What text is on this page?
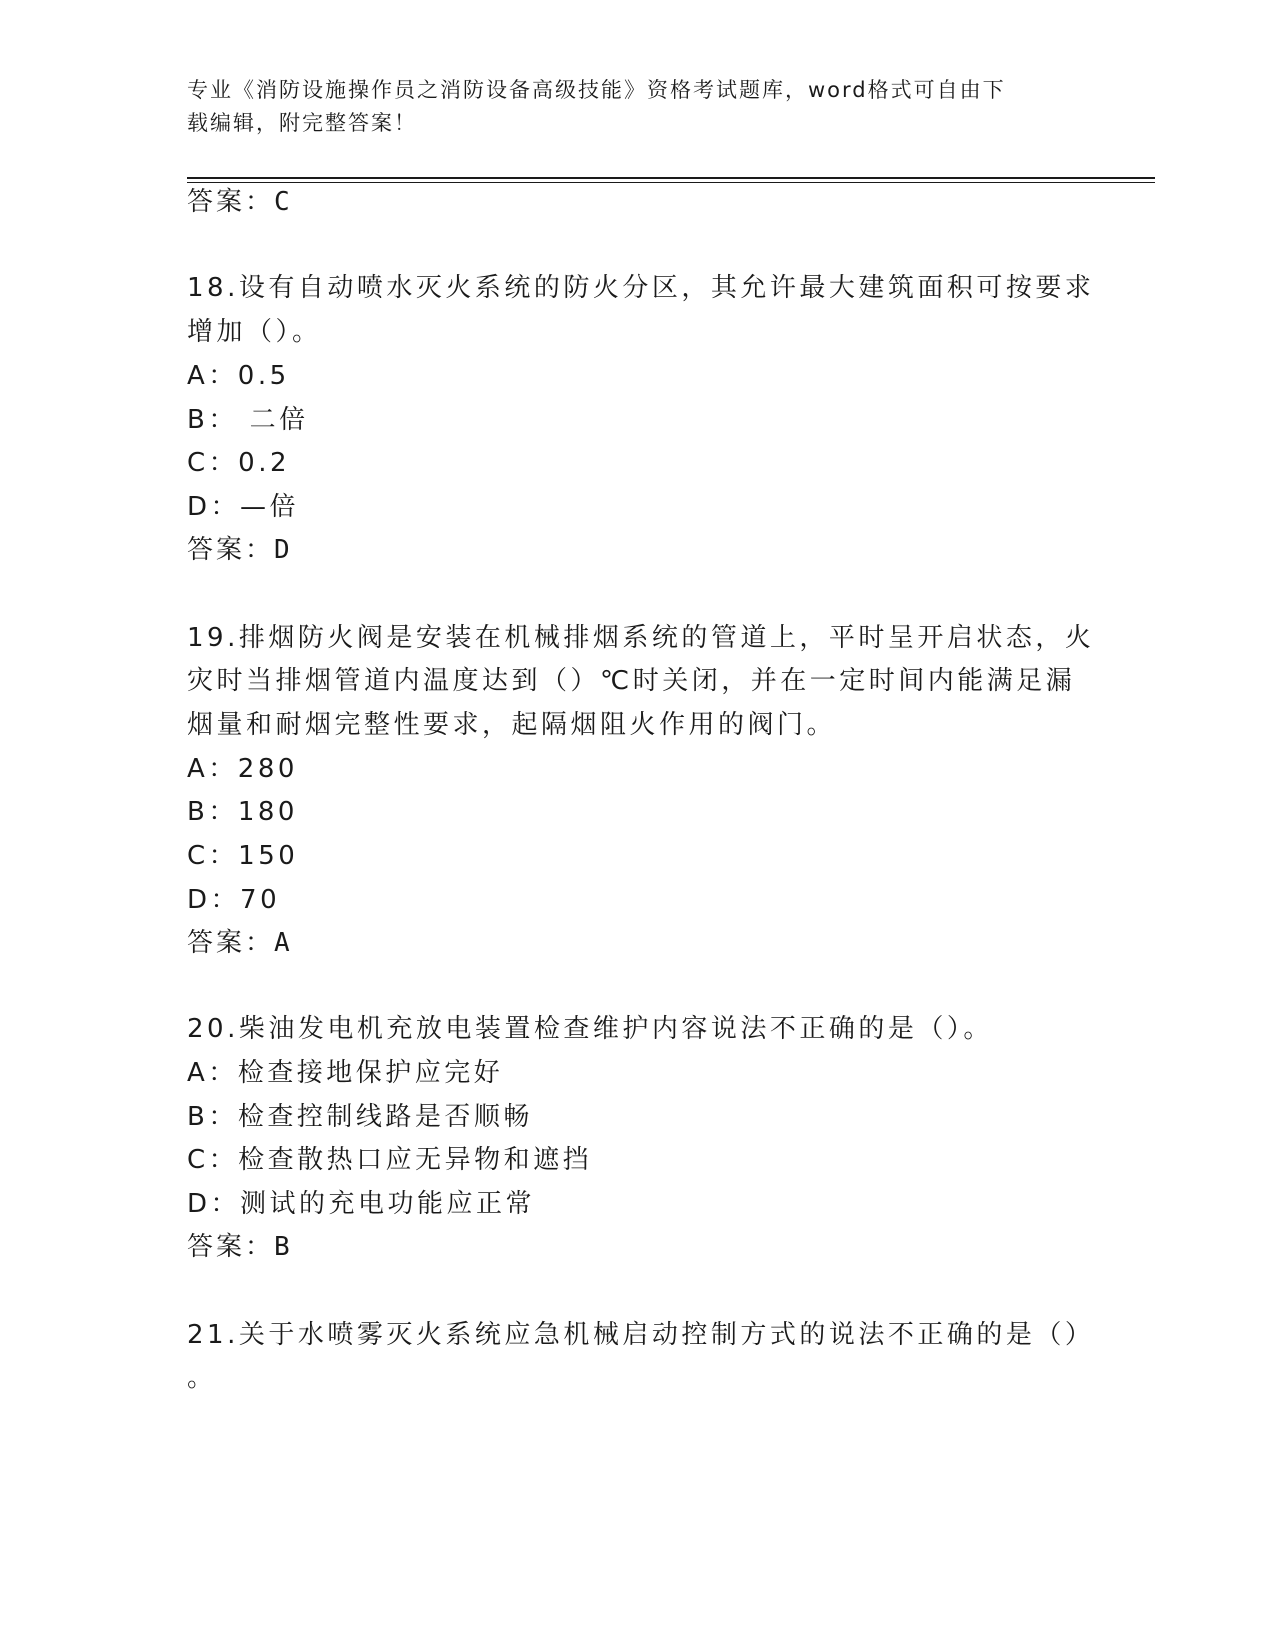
专业《消防设施操作员之消防设备高级技能》资格考试题库，word格式可自由下
载编辑，附完整答案！
答案：C
18.设有自动喷水灭火系统的防火分区，其允许最大建筑面积可按要求
增加（）。
A：0.5
B： 二倍
C：0.2
D：—倍
答案：D
19.排烟防火阀是安装在机械排烟系统的管道上，平时呈开启状态，火
灾时当排烟管道内温度达到（）℃时关闭，并在一定时间内能满足漏
烟量和耐烟完整性要求，起隔烟阻火作用的阀门。
A：280
B：180
C：150
D：70
答案：A
20.柴油发电机充放电装置检查维护内容说法不正确的是（）。
A：检查接地保护应完好
B：检查控制线路是否顺畅
C：检查散热口应无异物和遮挡
D：测试的充电功能应正常
答案：B
21.关于水喷雾灭火系统应急机械启动控制方式的说法不正确的是（）
。
